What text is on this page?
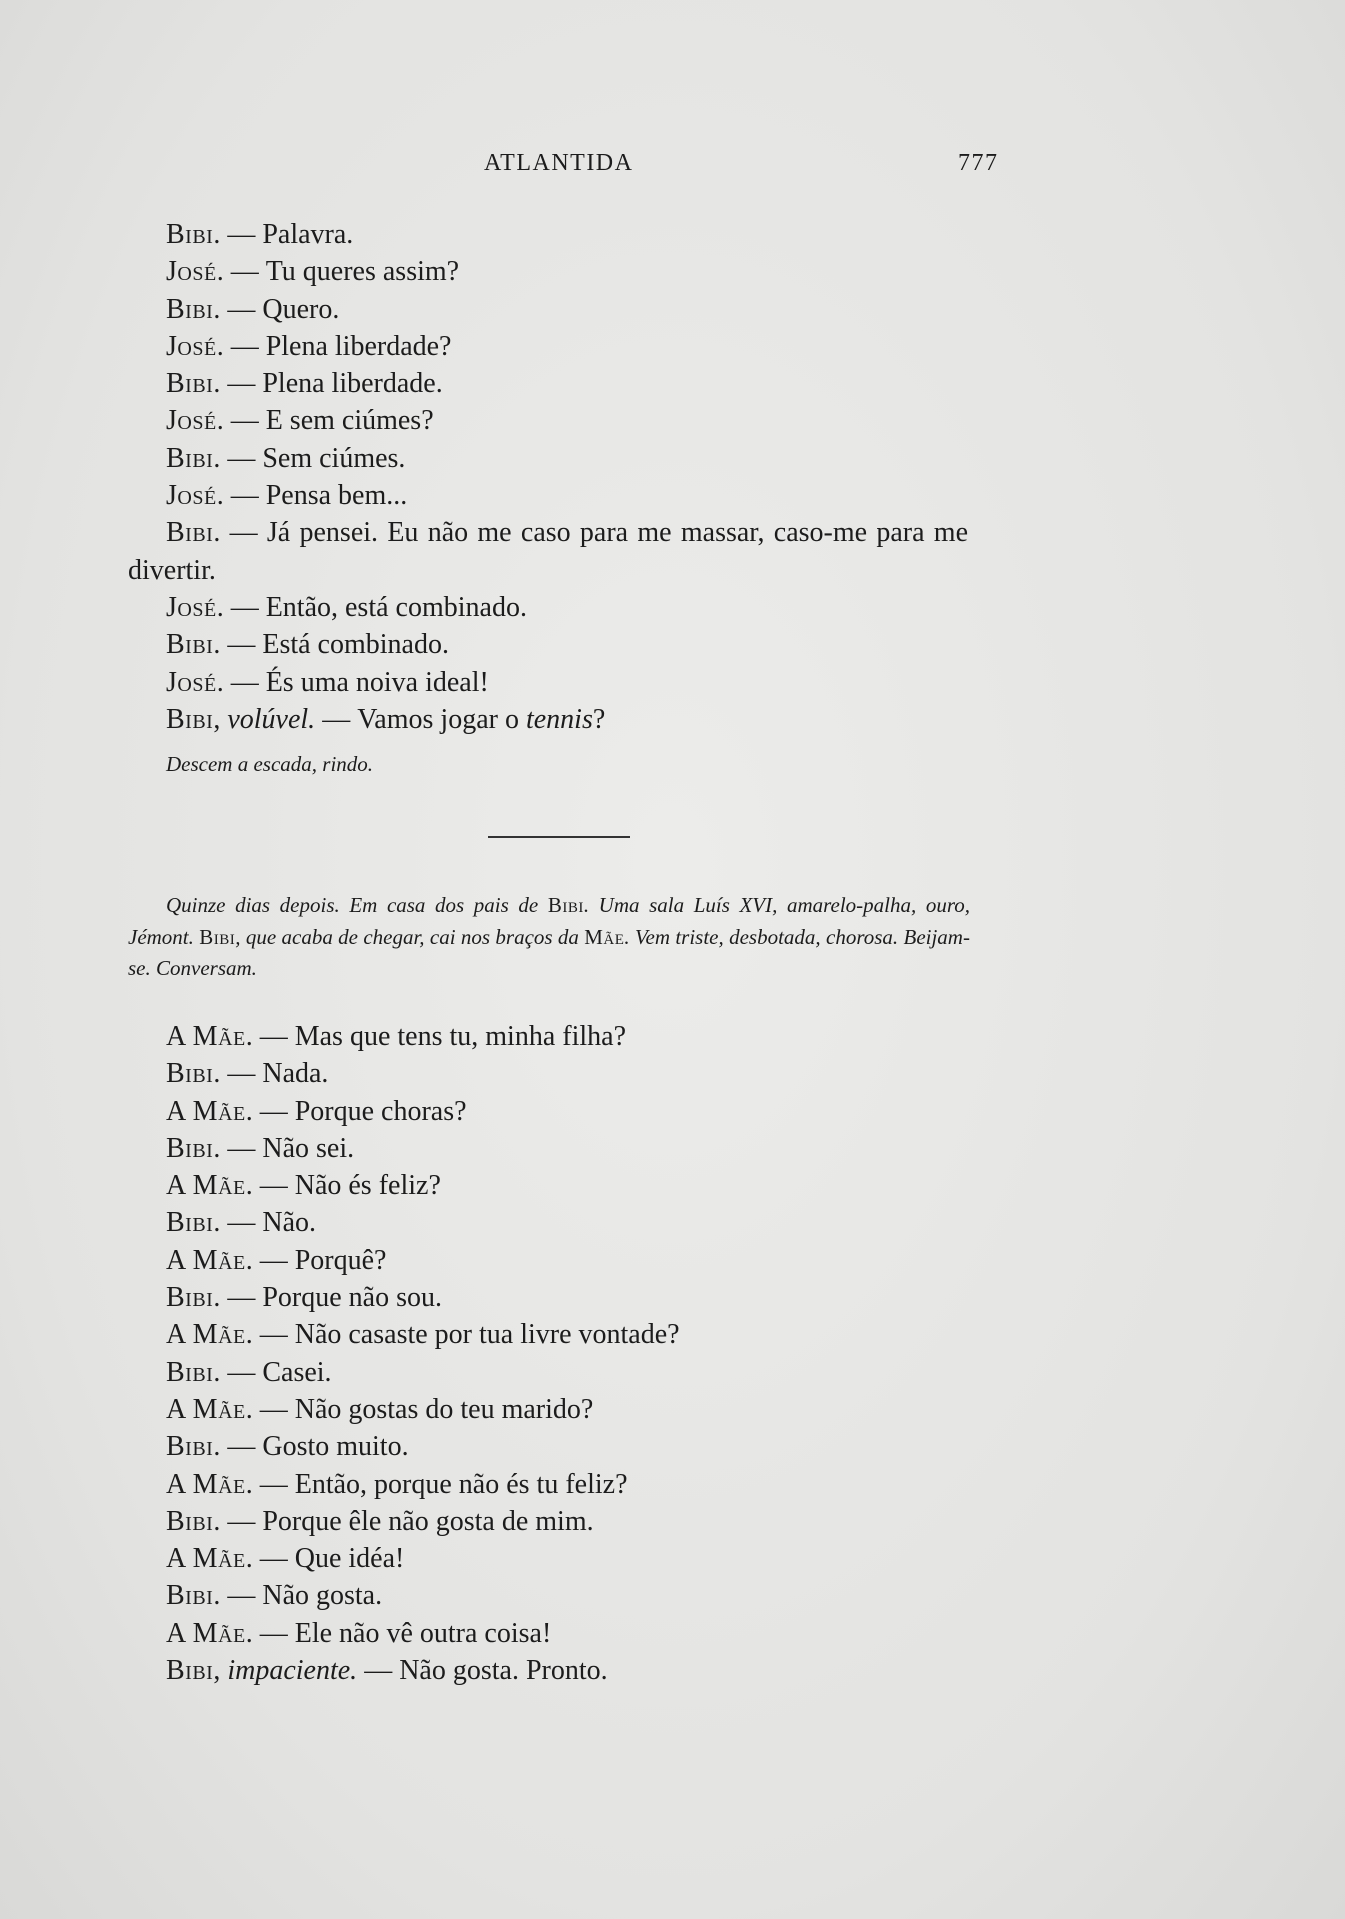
ATLANTIDA	777
Bibi. — Palavra.
José. — Tu queres assim?
Bibi. — Quero.
José. — Plena liberdade?
Bibi. — Plena liberdade.
José. — E sem ciúmes?
Bibi. — Sem ciúmes.
José. — Pensa bem...
Bibi. — Já pensei. Eu não me caso para me massar, caso-me para me divertir.
José. — Então, está combinado.
Bibi. — Está combinado.
José. — És uma noiva ideal!
Bibi, volúvel. — Vamos jogar o tennis?
Descem a escada, rindo.
Quinze dias depois. Em casa dos pais de Bibi. Uma sala Luís XVI, amarelo-palha, ouro, Jémont. Bibi, que acaba de chegar, cai nos braços da Mãe. Vem triste, desbotada, chorosa. Beijam-se. Conversam.
A Mãe. — Mas que tens tu, minha filha?
Bibi. — Nada.
A Mãe. — Porque choras?
Bibi. — Não sei.
A Mãe. — Não és feliz?
Bibi. — Não.
A Mãe. — Porquê?
Bibi. — Porque não sou.
A Mãe. — Não casaste por tua livre vontade?
Bibi. — Casei.
A Mãe. — Não gostas do teu marido?
Bibi. — Gosto muito.
A Mãe. — Então, porque não és tu feliz?
Bibi. — Porque êle não gosta de mim.
A Mãe. — Que idéa!
Bibi. — Não gosta.
A Mãe. — Ele não vê outra coisa!
Bibi, impaciente. — Não gosta. Pronto.
